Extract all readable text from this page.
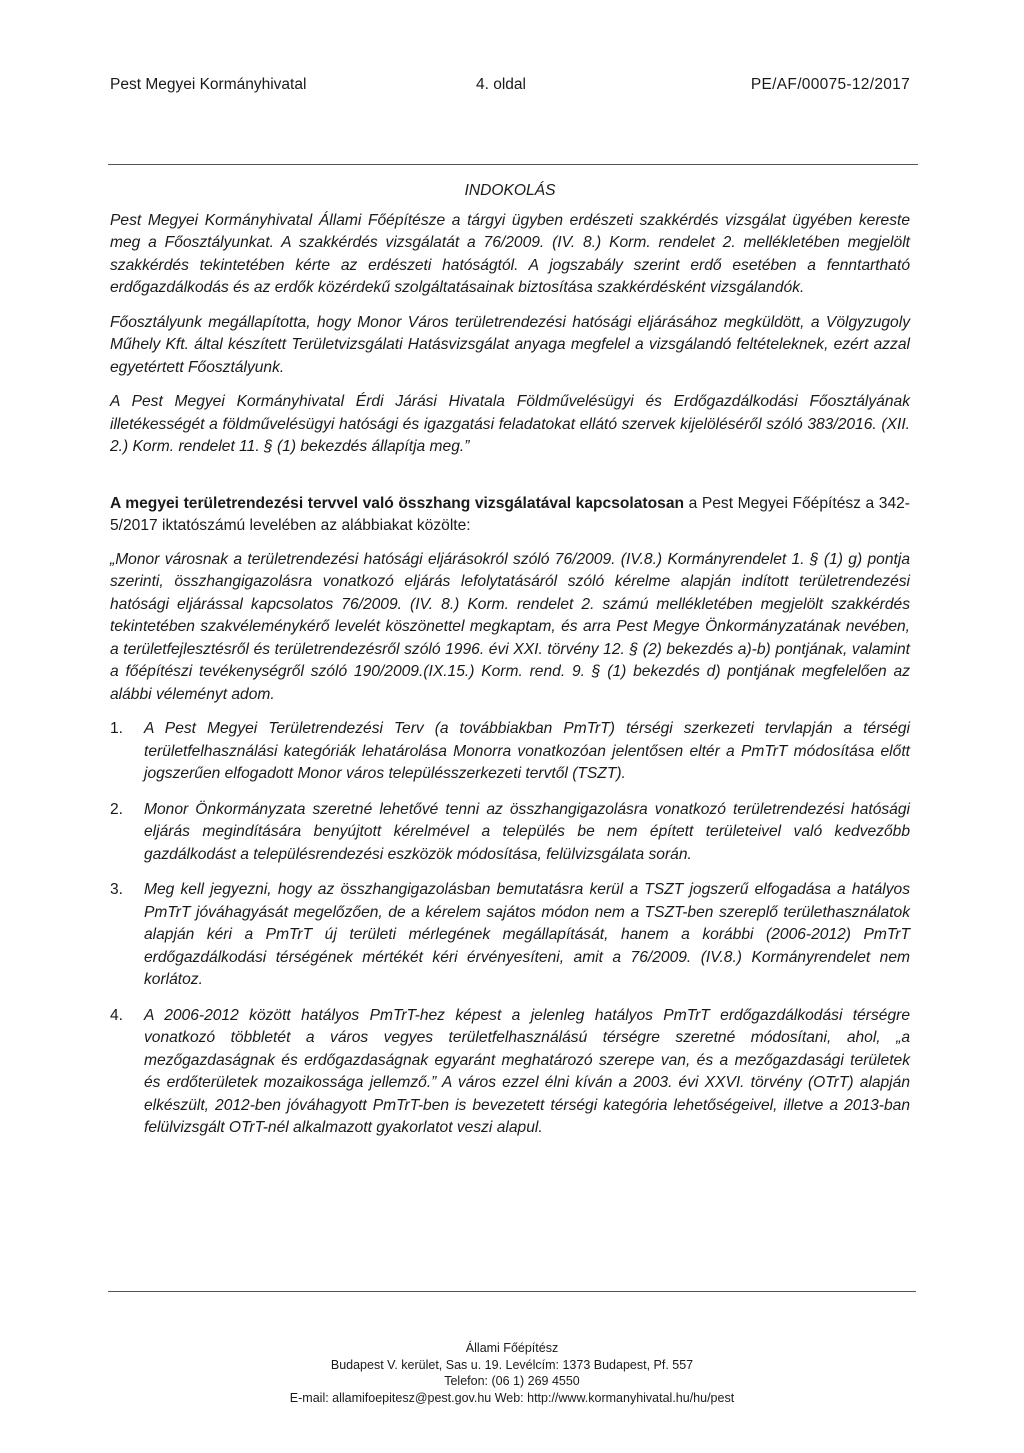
Pest Megyei Kormányhivatal	4. oldal	PE/AF/00075-12/2017
INDOKOLÁS

Pest Megyei Kormányhivatal Állami Főépítésze a tárgyi ügyben erdészeti szakkérdés vizsgálat ügyében kereste meg a Főosztályunkat. A szakkérdés vizsgálatát a 76/2009. (IV. 8.) Korm. rendelet 2. mellékletében megjelölt szakkérdés tekintetében kérte az erdészeti hatóságtól. A jogszabály szerint erdő esetében a fenntartható erdőgazdálkodás és az erdők közérdekű szolgáltatásainak biztosítása szakkérdésként vizsgálandók.

Főosztályunk megállapította, hogy Monor Város területrendezési hatósági eljárásához megküldött, a Völgyzugoly Műhely Kft. által készített Területvizsgálati Hatásvizsgálat anyaga megfelel a vizsgálandó feltételeknek, ezért azzal egyetértett Főosztályunk.

A Pest Megyei Kormányhivatal Érdi Járási Hivatala Földművelésügyi és Erdőgazdálkodási Főosztályának illetékességét a földművelésügyi hatósági és igazgatási feladatokat ellátó szervek kijelöléséről szóló 383/2016. (XII. 2.) Korm. rendelet 11. § (1) bekezdés állapítja meg.”

A megyei területrendezési tervvel való összhang vizsgálatával kapcsolatosan a Pest Megyei Főépítész a 342-5/2017 iktatószámú levelében az alábbiakat közölte:

„Monor városnak a területrendezési hatósági eljárásokról szóló 76/2009. (IV.8.) Kormányrendelet 1. § (1) g) pontja szerinti, összhangigazolásra vonatkozó eljárás lefolytatásáról szóló kérelme alapján indított területrendezési hatósági eljárással kapcsolatos 76/2009. (IV. 8.) Korm. rendelet 2. számú mellékletében megjelölt szakkérdés tekintetében szakvéleménykérő levelét köszönettel megkaptam, és arra Pest Megye Önkormányzatának nevében, a területfejlesztésről és területrendezésről szóló 1996. évi XXI. törvény 12. § (2) bekezdés a)-b) pontjának, valamint a főépítészi tevékenységről szóló 190/2009.(IX.15.) Korm. rend. 9. § (1) bekezdés d) pontjának megfelelően az alábbi véleményt adom.

1. A Pest Megyei Területrendezési Terv (a továbbiakban PmTrT) térségi szerkezeti tervlapján a térségi területfelhasználási kategóriák lehatárolása Monorra vonatkozóan jelentősen eltér a PmTrT módosítása előtt jogszerűen elfogadott Monor város településszerkezeti tervtől (TSZT).
2. Monor Önkormányzata szeretné lehetővé tenni az összhangigazolásra vonatkozó területrendezési hatósági eljárás megindítására benyújtott kérelmével a település be nem épített területeivel való kedvezőbb gazdálkodást a településrendezési eszközök módosítása, felülvizsgálata során.
3. Meg kell jegyezni, hogy az összhangigazolásban bemutatásra kerül a TSZT jogszerű elfogadása a hatályos PmTrT jóváhagyását megelőzően, de a kérelem sajátos módon nem a TSZT-ben szereplő területhasználatok alapján kéri a PmTrT új területi mérlegének megállapítását, hanem a korábbi (2006-2012) PmTrT erdőgazdálkodási térségének mértékét kéri érvényesíteni, amit a 76/2009. (IV.8.) Kormányrendelet nem korlátoz.
4. A 2006-2012 között hatályos PmTrT-hez képest a jelenleg hatályos PmTrT erdőgazdálkodási térségre vonatkozó többletét a város vegyes területfelhasználású térségre szeretné módosítani, ahol, „a mezőgazdaságnak és erdőgazdaságnak egyaránt meghatározó szerepe van, és a mezőgazdasági területek és erdőterületek mozaikossága jellemző.” A város ezzel élni kíván a 2003. évi XXVI. törvény (OTrT) alapján elkészült, 2012-ben jóváhagyott PmTrT-ben is bevezetett térségi kategória lehetőségeivel, illetve a 2013-ban felülvizsgált OTrT-nél alkalmazott gyakorlatot veszi alapul.
Állami Főépítész
Budapest V. kerület, Sas u. 19. Levélcím: 1373 Budapest, Pf. 557
Telefon: (06 1) 269 4550
E-mail: allamifoepitesz@pest.gov.hu Web: http://www.kormanyhivatal.hu/hu/pest
